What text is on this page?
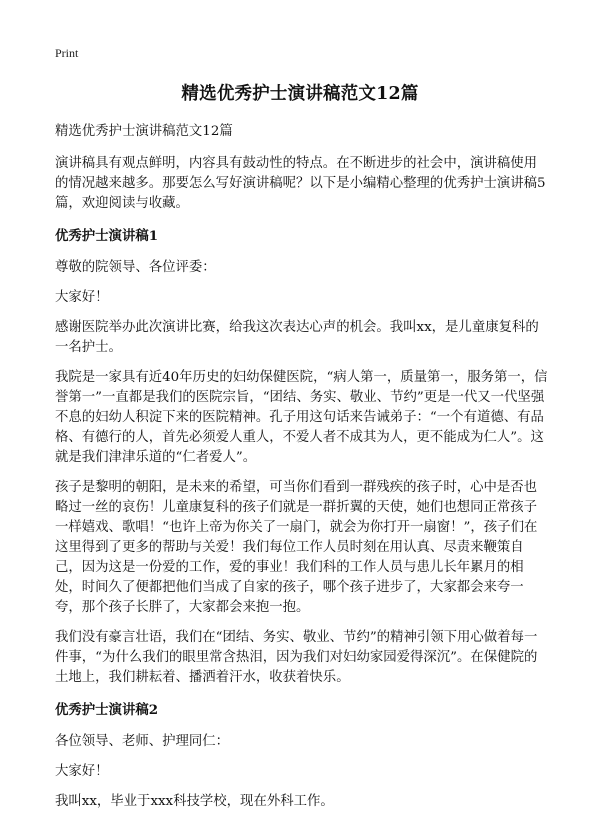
Print
精选优秀护士演讲稿范文12篇

精选优秀护士演讲稿范文12篇

演讲稿具有观点鲜明，内容具有鼓动性的特点。在不断进步的社会中，演讲稿使用的情况越来越多。那要怎么写好演讲稿呢？以下是小编精心整理的优秀护士演讲稿5篇，欢迎阅读与收藏。

优秀护士演讲稿1

尊敬的院领导、各位评委：

大家好！

感谢医院举办此次演讲比赛，给我这次表达心声的机会。我叫xx，是儿童康复科的一名护士。

我院是一家具有近40年历史的妇幼保健医院，“病人第一，质量第一，服务第一，信誉第一”一直都是我们的医院宗旨，“团结、务实、敬业、节约”更是一代又一代坚强不息的妇幼人积淀下来的医院精神。孔子用这句话来告诫弟子：“一个有道德、有品格、有德行的人，首先必须爱人重人，不爱人者不成其为人，更不能成为仁人”。这就是我们津津乐道的“仁者爱人”。

孩子是黎明的朝阳，是未来的希望，可当你们看到一群残疾的孩子时，心中是否也略过一丝的哀伤！儿童康复科的孩子们就是一群折翼的天使，她们也想同正常孩子一样嬉戏、歌唱！“也许上帝为你关了一扇门，就会为你打开一扇窗！”，孩子们在这里得到了更多的帮助与关爱！我们每位工作人员时刻在用认真、尽责来鞭策自己，因为这是一份爱的工作，爱的事业！我们科的工作人员与患儿长年累月的相处，时间久了便都把他们当成了自家的孩子，哪个孩子进步了，大家都会来夸一夸，那个孩子长胖了，大家都会来抱一抱。

我们没有豪言壮语，我们在“团结、务实、敬业、节约”的精神引领下用心做着每一件事，“为什么我们的眼里常含热泪，因为我们对妇幼家园爱得深沉”。在保健院的土地上，我们耕耘着、播洒着汗水，收获着快乐。

优秀护士演讲稿2

各位领导、老师、护理同仁：

大家好！

我叫xx，毕业于xxx科技学校，现在外科工作。
